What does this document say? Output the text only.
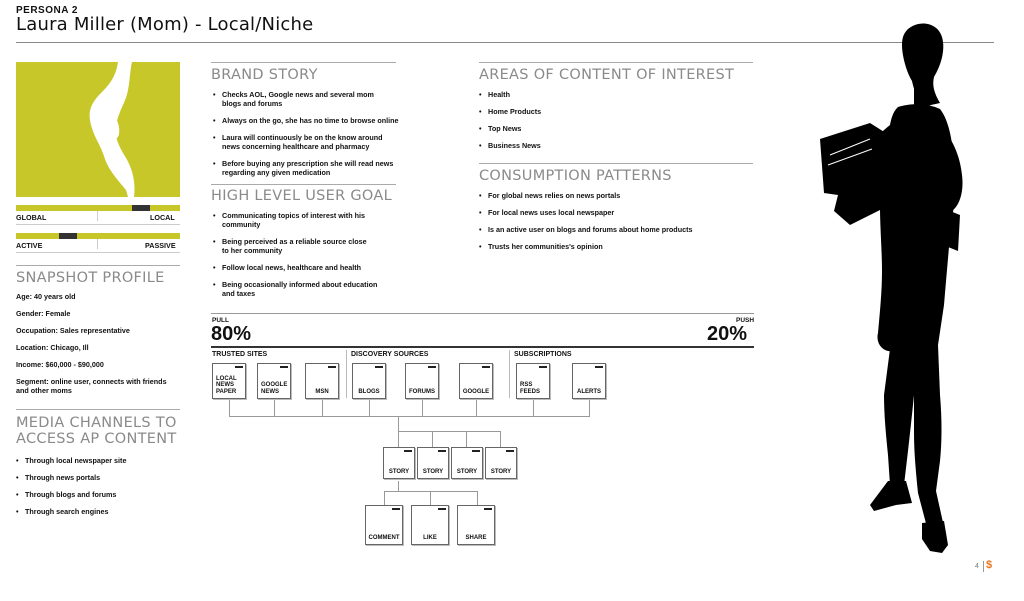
PERSONA 2
Laura Miller (Mom) - Local/Niche
GLOBAL	LOCAL
ACTIVE	PASSIVE
SNAPSHOT PROFILE

Age: 40 years old

Gender: Female

Occupation: Sales representative

Location: Chicago, Ill

Income: $60,000 - $90,000

Segment: online user, connects with friends
and other moms

MEDIA CHANNELS TO
ACCESS AP CONTENT
• Through local newspaper site
• Through news portals
• Through blogs and forums
• Through search engines
BRAND STORY
• Checks AOL, Google news and several mom
blogs and forums
• Always on the go, she has no time to browse online
• Laura will continuously be on the know around
news concerning healthcare and pharmacy
• Before buying any prescription she will read news
regarding any given medication
HIGH LEVEL USER GOAL
• Communicating topics of interest with his
community
• Being perceived as a reliable source close
to her community
• Follow local news, healthcare and health
• Being occasionally informed about education
and taxes
AREAS OF CONTENT OF INTEREST
• Health
• Home Products
• Top News
• Business News
CONSUMPTION PATTERNS
• For global news relies on news portals
• For local news uses local newspaper
• Is an active user on blogs and forums about home products
• Trusts her communities's opinion
PULL
80%
PUSH
20%
TRUSTED SITES	DISCOVERY SOURCES	SUBSCRIPTIONS
LOCAL
NEWS
PAPER
GOOGLE
NEWS	MSN	BLOGS	FORUMS	GOOGLE
RSS
FEEDS	ALERTS
STORY	STORY	STORY	STORY
COMMENT	LIKE	SHARE
4 $
